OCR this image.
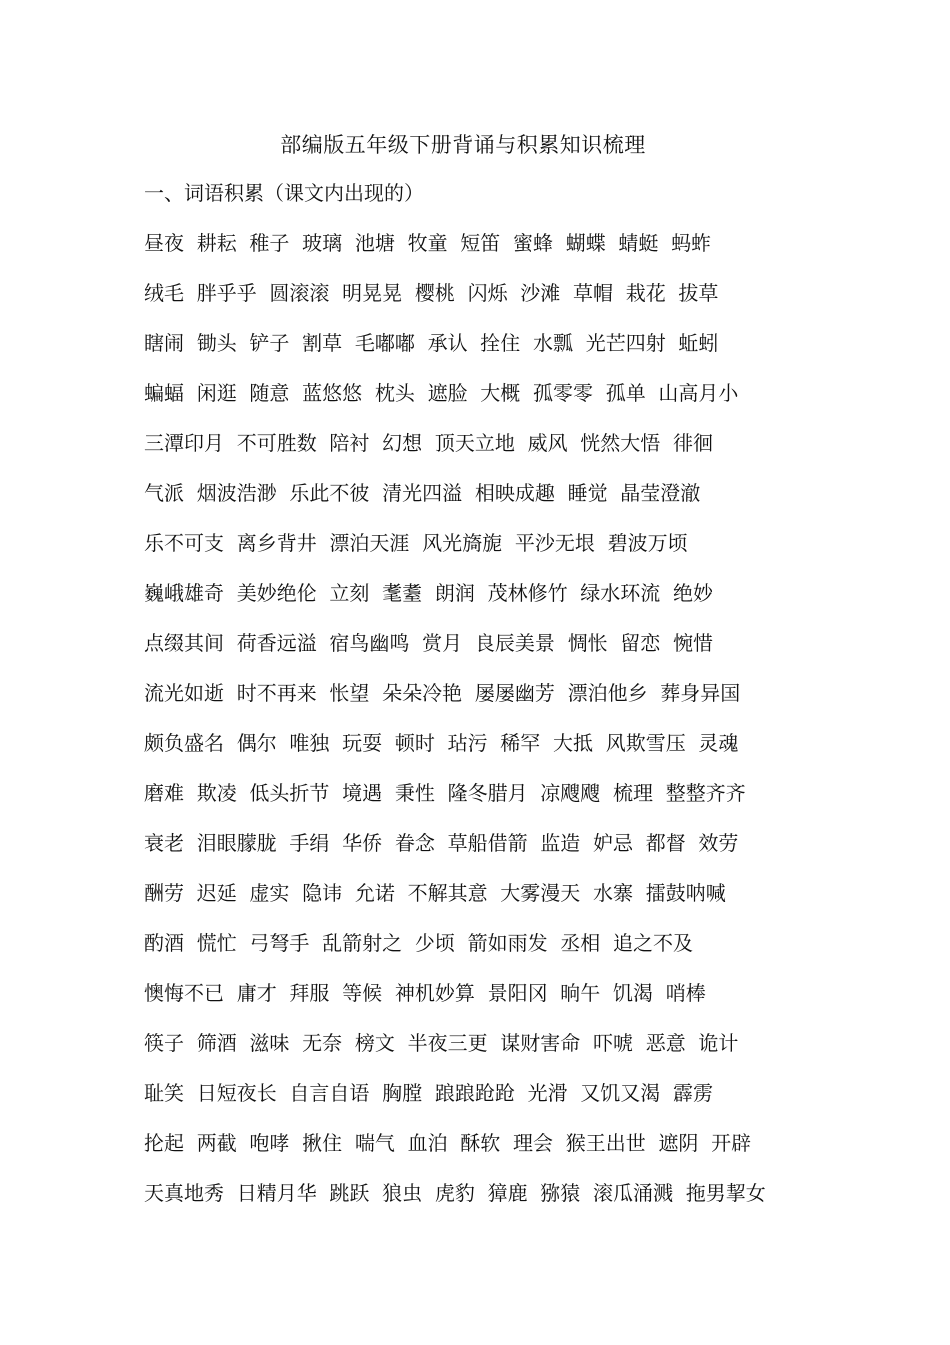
部编版五年级下册背诵与积累知识梳理
一、词语积累（课文内出现的）
昼夜  耕耘  稚子  玻璃  池塘  牧童  短笛  蜜蜂  蝴蝶  蜻蜓  蚂蚱
绒毛  胖乎乎  圆滚滚  明晃晃  樱桃  闪烁  沙滩  草帽  栽花  拔草
瞎闹  锄头  铲子  割草  毛嘟嘟  承认  拴住  水瓢  光芒四射  蚯蚓
蝙蝠  闲逛  随意  蓝悠悠  枕头  遮脸  大概  孤零零  孤单  山高月小
三潭印月  不可胜数  陪衬  幻想  顶天立地  威风  恍然大悟  徘徊
气派  烟波浩渺  乐此不彼  清光四溢  相映成趣  睡觉  晶莹澄澈
乐不可支  离乡背井  漂泊天涯  风光旖旎  平沙无垠  碧波万顷
巍峨雄奇  美妙绝伦  立刻  耄耋  朗润  茂林修竹  绿水环流  绝妙
点缀其间  荷香远溢  宿鸟幽鸣  赏月  良辰美景  惆怅  留恋  惋惜
流光如逝  时不再来  怅望  朵朵冷艳  屡屡幽芳  漂泊他乡  葬身异国
颇负盛名  偶尔  唯独  玩耍  顿时  玷污  稀罕  大抵  风欺雪压  灵魂
磨难  欺凌  低头折节  境遇  秉性  隆冬腊月  凉飕飕  梳理  整整齐齐
衰老  泪眼朦胧  手绢  华侨  眷念  草船借箭  监造  妒忌  都督  效劳
酬劳  迟延  虚实  隐讳  允诺  不解其意  大雾漫天  水寨  擂鼓呐喊
酌酒  慌忙  弓弩手  乱箭射之  少顷  箭如雨发  丞相  追之不及
懊悔不已  庸才  拜服  等候  神机妙算  景阳冈  晌午  饥渴  哨棒
筷子  筛酒  滋味  无奈  榜文  半夜三更  谋财害命  吓唬  恶意  诡计
耻笑  日短夜长  自言自语  胸膛  踉踉跄跄  光滑  又饥又渴  霹雳
抡起  两截  咆哮  揪住  喘气  血泊  酥软  理会  猴王出世  遮阴  开辟
天真地秀  日精月华  跳跃  狼虫  虎豹  獐鹿  猕猿  滚瓜涌溅  拖男挈女
